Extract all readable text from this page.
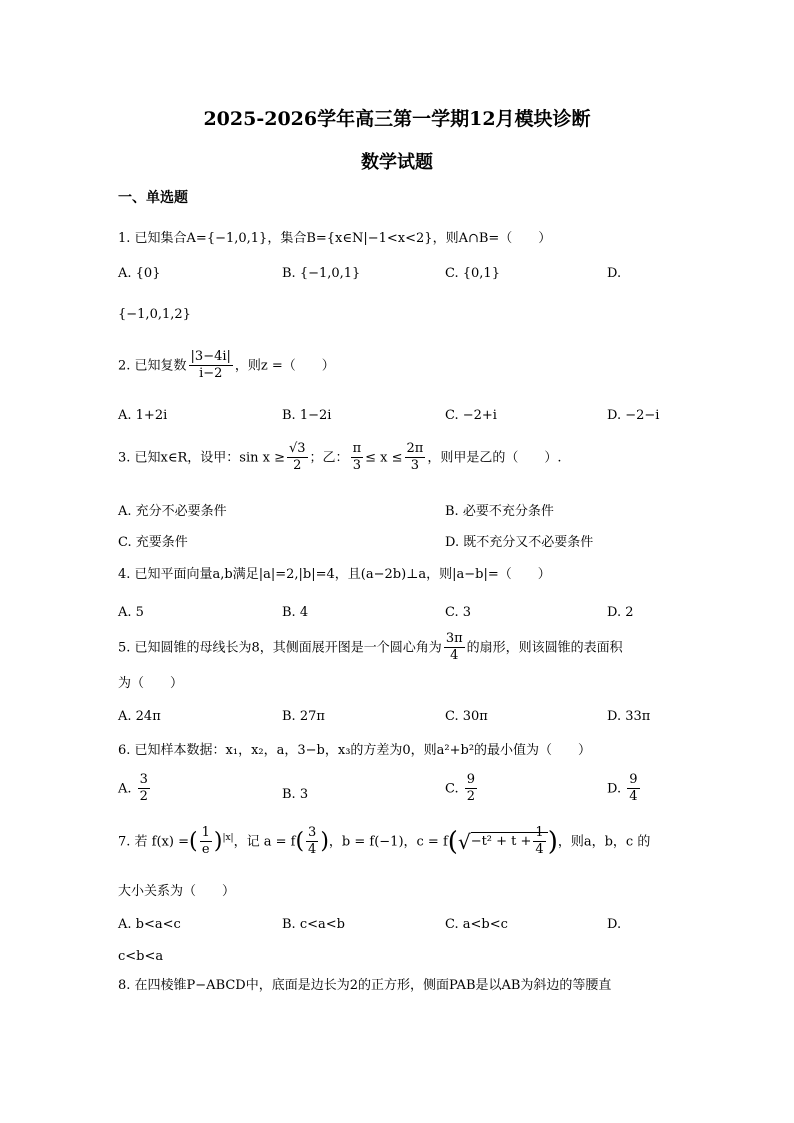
2025-2026学年高三第一学期12月模块诊断
数学试题
一、单选题
1. 已知集合A={−1,0,1}，集合B={x∈N|−1<x<2}，则A∩B=（　　）
A. {0}	B. {−1,0,1}	C. {0,1}	D.
{−1,0,1,2}
2. 已知复数 $\frac{|3-4i|}{i-2}$ ，则z =（　　）
A. 1+2i	B. 1−2i	C. −2+i	D. −2−i
3. 已知x∈R，设甲：$\sin x \ge \frac{√3}{2}$ ；乙： $\frac{\pi}{3} \le x \le \frac{2\pi}{3}$ ，则甲是乙的（　　）.
A. 充分不必要条件	B. 必要不充分条件
C. 充要条件	D. 既不充分又不必要条件
4. 已知平面向量a,b满足|a|=2,|b|=4，且(a−2b)⊥a，则|a−b|=（　　）
A. 5	B. 4	C. 3	D. 2
5. 已知圆锥的母线长为8，其侧面展开图是一个圆心角为 $\frac{3\pi}{4}$ 的扇形，则该圆锥的表面积
为（　　）
A. 24π	B. 27π	C. 30π	D. 33π
6. 已知样本数据：x₁，x₂，a，3−b，x₃的方差为0，则a²+b²的最小值为（　　）
A. $\frac{3}{2}$	B. 3	C. $\frac{9}{2}$	D. $\frac{9}{4}$
7. 若 f(x) =( $\frac{1}{e} )^{|x|}$，记 $a = f( \frac{3}{4}$ )，b = f(−1)，$c = f(√-t^2 + t + \frac{1}{4}$ )，则a，b，c 的
大小关系为（　　）
A. b<a<c	B. c<a<b	C. a<b<c	D.
c<b<a
8. 在四棱锥P−ABCD中，底面是边长为2的正方形，侧面PAB是以AB为斜边的等腰直
